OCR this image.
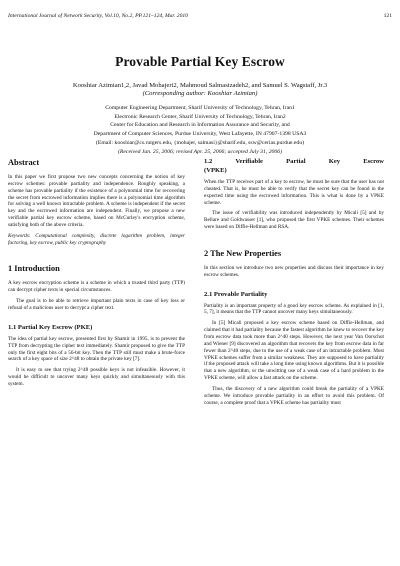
International Journal of Network Security, Vol.10, No.2, PP.121–124, Mar. 2010	121
Provable Partial Key Escrow
Kooshiar Azimian1,2, Javad Mohajeri2, Mahmoud Salmasizadeh2, and Samuel S. Wagstaff, Jr.3
(Corresponding author: Kooshiar Azimian)
Computer Engineering Department, Sharif University of Technology, Tehran, Iran1
Electronic Research Center, Sharif University of Technology, Tehran, Iran2
Center for Education and Research in Information Assurance and Security, and
Department of Computer Sciences, Purdue University, West Lafayette, IN 47907-1398 USA3
(Email: kooshiar@cs.rutgers.edu, {mohajer, salmasi}@sharif.edu, ssw@cerias.purdue.edu)
(Received Jan. 25, 2006; revised Apr. 25, 2006; accepted July 31, 2006)
Abstract

In this paper we first propose two new concepts concerning the notion of key escrow schemes: provable partiality and independence. Roughly speaking, a scheme has provable partiality if the existence of a polynomial time for recovering the secret from escrowed information implies there is a polynomial time algorithm for solving a well known intractable problem. A scheme is independent if the secret key and the escrowed information are independent. Finally, we propose a new verifiable partial key escrow scheme, based on McCurley's encryption scheme, satisfying both of the above criteria.

Keywords: Computational complexity, discrete logarithm problem, integer factoring, key escrow, public key cryptography

1 Introduction

A key escrow encryption scheme is a scheme in which a trusted third party (TTP) can decrypt cipher texts in special circumstances.

The goal is to be able to retrieve important plain texts in case of key loss or refusal of a malicious user to decrypt a cipher text.

1.1 Partial Key Escrow (PKE)

The idea of partial key escrow, presented first by Shamir in 1995, is to prevent the TTP from decrypting the cipher text immediately. Shamir proposed to give the TTP only the first eight bits of a 56-bit key. Then the TTP still must make a brute-force search of a key space of size 2^48 to obtain the private key [7].

It is easy to see that trying 2^48 possible keys is not infeasible. However, it would be difficult to uncover many keys quickly and simultaneously with this system.

1.2	Verifiable	Partial	Key	Escrow
(VPKE)

When the TTP receives part of a key to escrow, he must be sure that the user has not cheated. That is, he must be able to verify that the secret key can be found in the expected time using the escrowed information. This is what is done by a VPKE scheme.

The issue of verifiability was introduced independently by Micali [5] and by Bellare and Goldwasser [1], who proposed the first VPKE schemes. Their schemes were based on Diffie-Hellman and RSA.

2 The New Properties

In this section we introduce two new properties and discuss their importance in key escrow schemes.

2.1 Provable Partiality

Partiality is an important property of a good key escrow scheme. As explained in [1, 5, 7], it means that the TTP cannot uncover many keys simultaneously.

In [5] Micali proposed a key escrow scheme based on Diffie-Hellman, and claimed that it had partiality because the fastest algorithm he knew to recover the key from escrow data took more than 2^40 steps. However, the next year Van Oorschot and Wiener [9] discovered an algorithm that recovers the key from escrow data in far fewer than 2^40 steps, due to the use of a weak case of an intractable problem. Most VPKE schemes suffer from a similar weakness. They are supposed to have partiality if the proposed attack will take a long time using known algorithms. But it is possible that a new algorithm, or the unwitting use of a weak case of a hard problem in the VPKE scheme, will allow a fast attack on the scheme.

Thus, the discovery of a new algorithm could break the partiality of a VPKE scheme. We introduce provable partiality in an effort to avoid this problem. Of course, a complete proof that a VPKE scheme has partiality must
